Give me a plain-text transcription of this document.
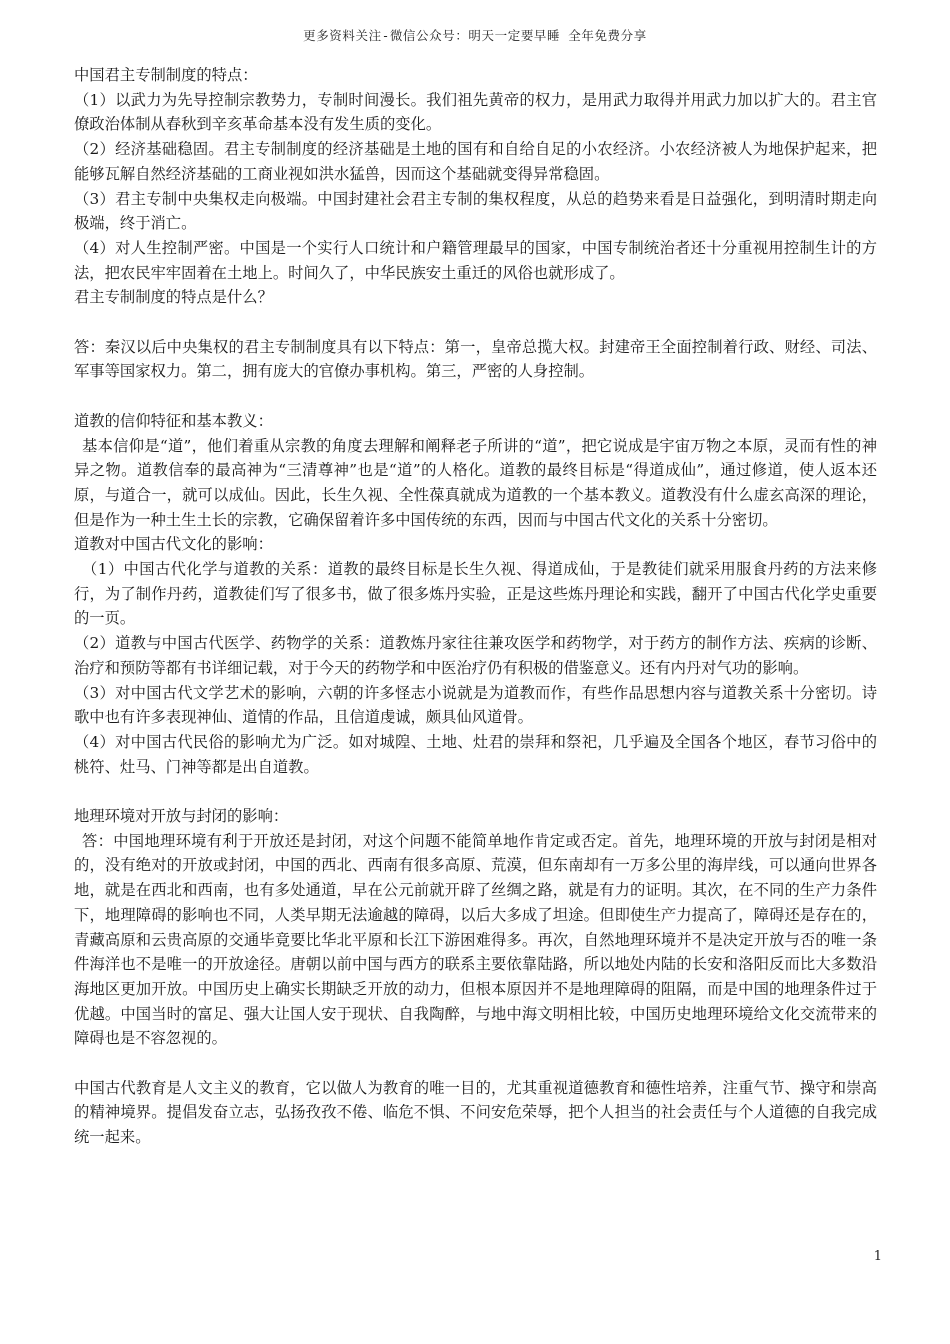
更多资料关注-微信公众号：明天一定要早睡 全年免费分享

中国君主专制制度的特点：

（1）以武力为先导控制宗教势力，专制时间漫长。我们祖先黄帝的权力，是用武力取得并用武力加以扩大的。君主官僚政治体制从春秋到辛亥革命基本没有发生质的变化。

（2）经济基础稳固。君主专制制度的经济基础是土地的国有和自给自足的小农经济。小农经济被人为地保护起来，把能够瓦解自然经济基础的工商业视如洪水猛兽，因而这个基础就变得异常稳固。

（3）君主专制中央集权走向极端。中国封建社会君主专制的集权程度，从总的趋势来看是日益强化，到明清时期走向极端，终于消亡。

（4）对人生控制严密。中国是一个实行人口统计和户籍管理最早的国家，中国专制统治者还十分重视用控制生计的方法，把农民牢牢固着在土地上。时间久了，中华民族安土重迁的风俗也就形成了。

君主专制制度的特点是什么？

答：秦汉以后中央集权的君主专制制度具有以下特点：第一，皇帝总揽大权。封建帝王全面控制着行政、财经、司法、军事等国家权力。第二，拥有庞大的官僚办事机构。第三，严密的人身控制。

道教的信仰特征和基本教义：

基本信仰是“道”，他们着重从宗教的角度去理解和阐释老子所讲的“道”，把它说成是宇宙万物之本原，灵而有性的神异之物。道教信奉的最高神为“三清尊神”也是“道”的人格化。道教的最终目标是“得道成仙”，通过修道，使人返本还原，与道合一，就可以成仙。因此，长生久视、全性葆真就成为道教的一个基本教义。道教没有什么虚玄高深的理论，但是作为一种土生土长的宗教，它确保留着许多中国传统的东西，因而与中国古代文化的关系十分密切。

道教对中国古代文化的影响：

（1）中国古代化学与道教的关系：道教的最终目标是长生久视、得道成仙，于是教徒们就采用服食丹药的方法来修行，为了制作丹药，道教徒们写了很多书，做了很多炼丹实验，正是这些炼丹理论和实践，翻开了中国古代化学史重要的一页。

（2）道教与中国古代医学、药物学的关系：道教炼丹家往往兼攻医学和药物学，对于药方的制作方法、疾病的诊断、治疗和预防等都有书详细记载，对于今天的药物学和中医治疗仍有积极的借鉴意义。还有内丹对气功的影响。

（3）对中国古代文学艺术的影响，六朝的许多怪志小说就是为道教而作，有些作品思想内容与道教关系十分密切。诗歌中也有许多表现神仙、道情的作品，且信道虔诚，颇具仙风道骨。

（4）对中国古代民俗的影响尤为广泛。如对城隍、土地、灶君的崇拜和祭祀，几乎遍及全国各个地区，春节习俗中的桃符、灶马、门神等都是出自道教。

地理环境对开放与封闭的影响：

答：中国地理环境有利于开放还是封闭，对这个问题不能简单地作肯定或否定。首先，地理环境的开放与封闭是相对的，没有绝对的开放或封闭，中国的西北、西南有很多高原、荒漠，但东南却有一万多公里的海岸线，可以通向世界各地，就是在西北和西南，也有多处通道，早在公元前就开辟了丝绸之路，就是有力的证明。其次，在不同的生产力条件下，地理障碍的影响也不同，人类早期无法逾越的障碍，以后大多成了坦途。但即使生产力提高了，障碍还是存在的，青藏高原和云贵高原的交通毕竟要比华北平原和长江下游困难得多。再次，自然地理环境并不是决定开放与否的唯一条件海洋也不是唯一的开放途径。唐朝以前中国与西方的联系主要依靠陆路，所以地处内陆的长安和洛阳反而比大多数沿海地区更加开放。中国历史上确实长期缺乏开放的动力，但根本原因并不是地理障碍的阻隔，而是中国的地理条件过于优越。中国当时的富足、强大让国人安于现状、自我陶醉，与地中海文明相比较，中国历史地理环境给文化交流带来的障碍也是不容忽视的。

中国古代教育是人文主义的教育，它以做人为教育的唯一目的，尤其重视道德教育和德性培养，注重气节、操守和崇高的精神境界。提倡发奋立志，弘扬孜孜不倦、临危不惧、不问安危荣辱，把个人担当的社会责任与个人道德的自我完成统一起来。

1
